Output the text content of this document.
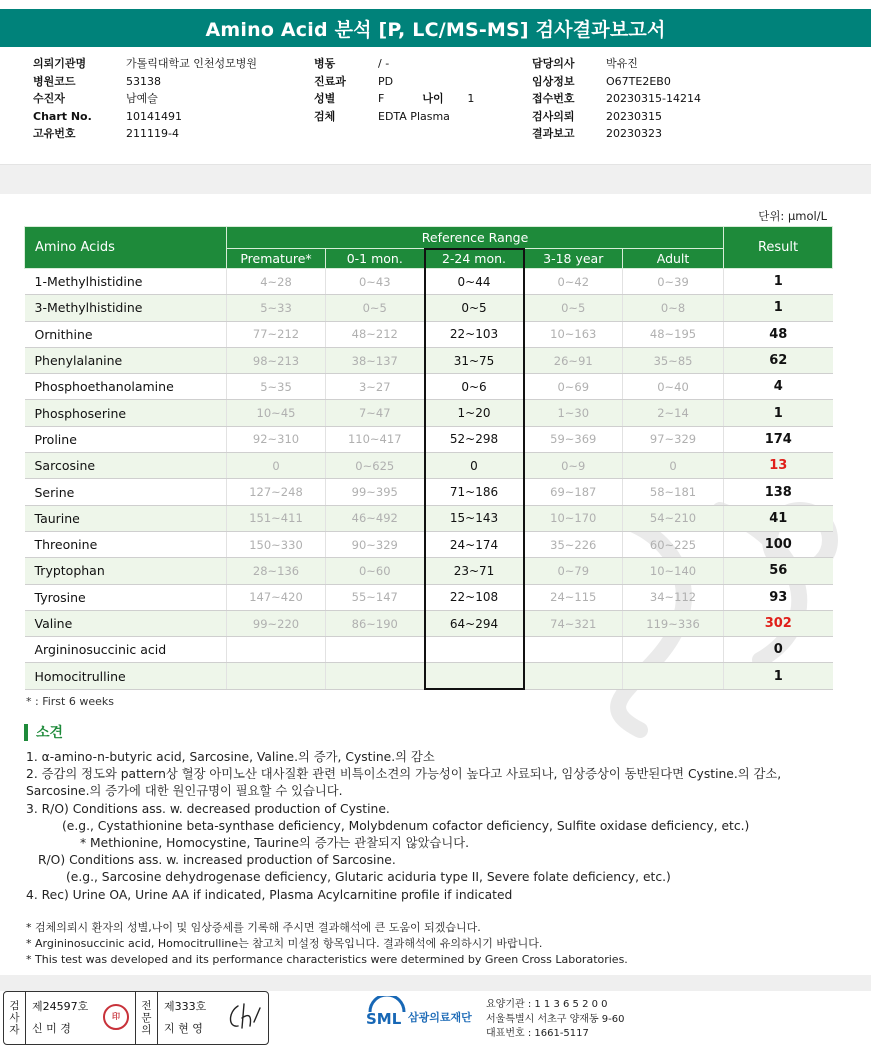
Amino Acid 분석 [P, LC/MS-MS] 검사결과보고서
의뢰기관명	가톨릭대학교 인천성모병원
병원코드	53138
수진자	남예슬
Chart No.	10141491
고유번호	211119-4
병동	/ -
진료과	PD
성별	F	나이	1
검체	EDTA Plasma
담당의사	박유진
임상정보	O67TE2EB0
접수번호	20230315-14214
검사의뢰	20230315
결과보고	20230323
단위: µmol/L
Amino Acids	Reference Range					Result
	Premature*	0-1 mon.	2-24 mon.	3-18 year	Adult	
1-Methylhistidine	4~28	0~43	0~44	0~42	0~39	1
3-Methylhistidine	5~33	0~5	0~5	0~5	0~8	1
Ornithine	77~212	48~212	22~103	10~163	48~195	48
Phenylalanine	98~213	38~137	31~75	26~91	35~85	62
Phosphoethanolamine	5~35	3~27	0~6	0~69	0~40	4
Phosphoserine	10~45	7~47	1~20	1~30	2~14	1
Proline	92~310	110~417	52~298	59~369	97~329	174
Sarcosine	0	0~625	0	0~9	0	13
Serine	127~248	99~395	71~186	69~187	58~181	138
Taurine	151~411	46~492	15~143	10~170	54~210	41
Threonine	150~330	90~329	24~174	35~226	60~225	100
Tryptophan	28~136	0~60	23~71	0~79	10~140	56
Tyrosine	147~420	55~147	22~108	24~115	34~112	93
Valine	99~220	86~190	64~294	74~321	119~336	302
Argininosuccinic acid						0
Homocitrulline						1
* : First 6 weeks
소견

1. α-amino-n-butyric acid, Sarcosine, Valine.의 증가, Cystine.의 감소

2. 증감의 정도와 pattern상 혈장 아미노산 대사질환 관련 비특이소견의 가능성이 높다고 사료되나, 임상증상이 동반된다면 Cystine.의 감소, Sarcosine.의 증가에 대한 원인규명이 필요할 수 있습니다.

3. R/O) Conditions ass. w. decreased production of Cystine.

(e.g., Cystathionine beta-synthase deficiency, Molybdenum cofactor deficiency, Sulfite oxidase deficiency, etc.)

* Methionine, Homocystine, Taurine의 증가는 관찰되지 않았습니다.

R/O) Conditions ass. w. increased production of Sarcosine.

(e.g., Sarcosine dehydrogenase deficiency, Glutaric aciduria type II, Severe folate deficiency, etc.)

4. Rec) Urine OA, Urine AA if indicated, Plasma Acylcarnitine profile if indicated

* 검체의뢰시 환자의 성별,나이 및 임상증세를 기록해 주시면 결과해석에 큰 도움이 되겠습니다.

* Argininosuccinic acid, Homocitrulline는 참고치 미설정 항목입니다. 결과해석에 유의하시기 바랍니다.

* This test was developed and its performance characteristics were determined by Green Cross Laboratories.

검
사
자
제24597호
신 미 경
印
전
문
의
제333호
지 현 영
SML 삼광의료재단
요양기관 : 1 1 3 6 5 2 0 0
서울특별시 서초구 양재동 9-60
대표번호 : 1661-5117
